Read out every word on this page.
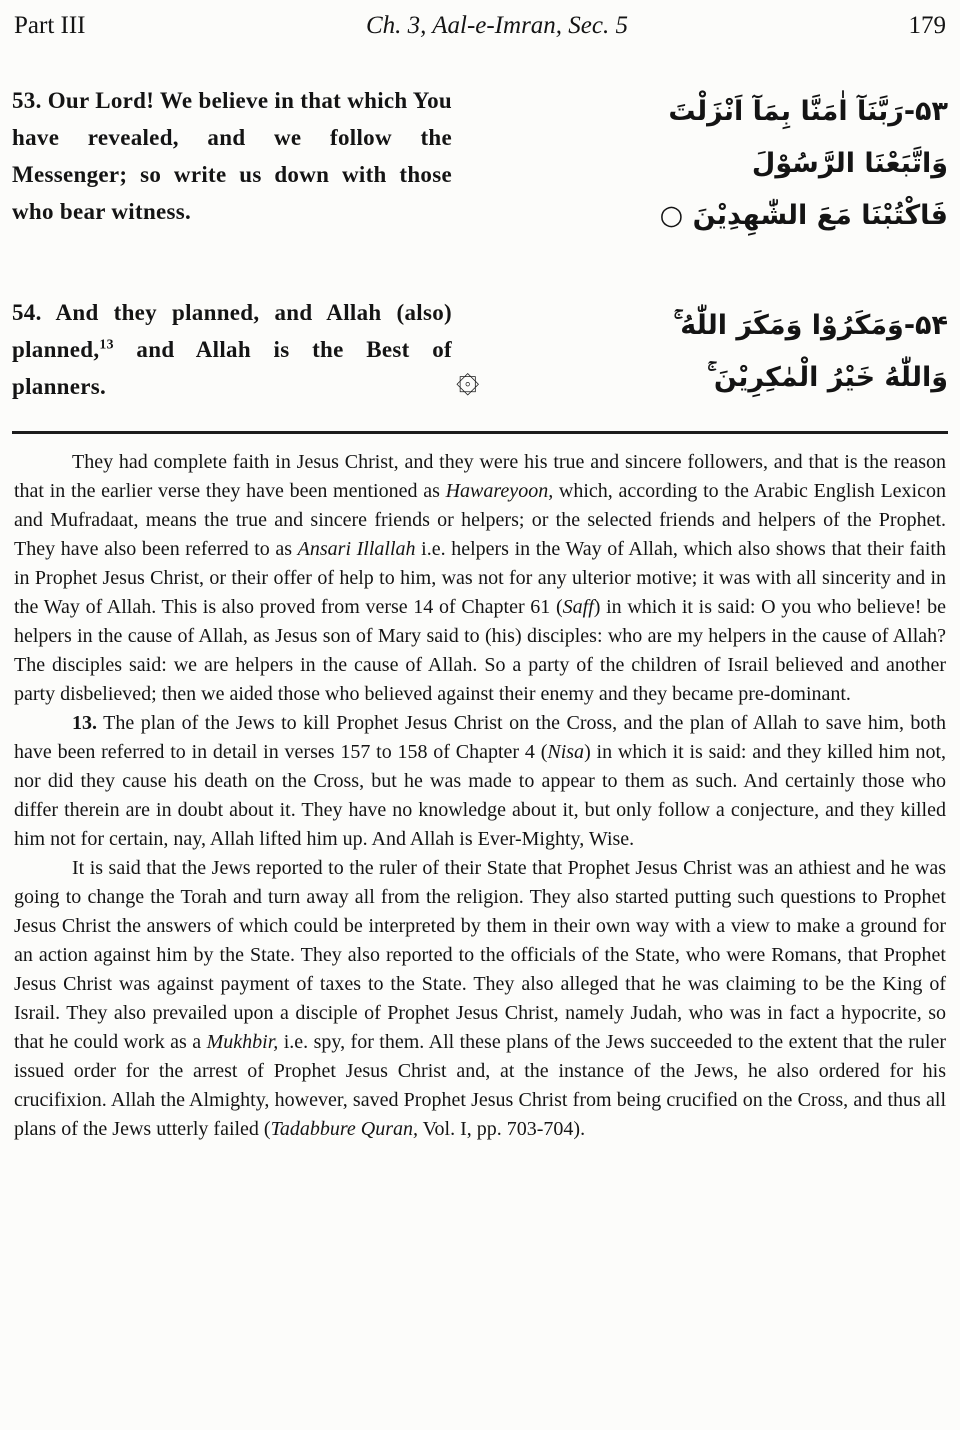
Part III	Ch. 3, Aal-e-Imran, Sec. 5	179
53. Our Lord! We believe in that which You have revealed, and we follow the Messenger; so write us down with those who bear witness.
۵۳-رَبَّنَآ اٰمَنَّا بِمَآ اَنْزَلْتَ
وَاتَّبَعْنَا الرَّسُوْلَ
فَاكْتُبْنَا مَعَ الشّٰهِدِيْنَ ○
54. And they planned, and Allah (also) planned,$^{13}$ and Allah is the Best of planners.
۵۴-وَمَكَرُوْا وَمَكَرَ اللّٰهُ ۚ
وَاللّٰهُ خَيْرُ الْمٰكِرِيْنَ ۚ
۞

They had complete faith in Jesus Christ, and they were his true and sincere followers, and that is the reason that in the earlier verse they have been mentioned as Hawareyoon, which, according to the Arabic English Lexicon and Mufradaat, means the true and sincere friends or helpers; or the selected friends and helpers of the Prophet. They have also been referred to as Ansari Illallah i.e. helpers in the Way of Allah, which also shows that their faith in Prophet Jesus Christ, or their offer of help to him, was not for any ulterior motive; it was with all sincerity and in the Way of Allah. This is also proved from verse 14 of Chapter 61 (Saff) in which it is said: O you who believe! be helpers in the cause of Allah, as Jesus son of Mary said to (his) disciples: who are my helpers in the cause of Allah? The disciples said: we are helpers in the cause of Allah. So a party of the children of Israil believed and another party disbelieved; then we aided those who believed against their enemy and they became pre-dominant.

13. The plan of the Jews to kill Prophet Jesus Christ on the Cross, and the plan of Allah to save him, both have been referred to in detail in verses 157 to 158 of Chapter 4 (Nisa) in which it is said: and they killed him not, nor did they cause his death on the Cross, but he was made to appear to them as such. And certainly those who differ therein are in doubt about it. They have no knowledge about it, but only follow a conjecture, and they killed him not for certain, nay, Allah lifted him up. And Allah is Ever-Mighty, Wise.

It is said that the Jews reported to the ruler of their State that Prophet Jesus Christ was an athiest and he was going to change the Torah and turn away all from the religion. They also started putting such questions to Prophet Jesus Christ the answers of which could be interpreted by them in their own way with a view to make a ground for an action against him by the State. They also reported to the officials of the State, who were Romans, that Prophet Jesus Christ was against payment of taxes to the State. They also alleged that he was claiming to be the King of Israil. They also prevailed upon a disciple of Prophet Jesus Christ, namely Judah, who was in fact a hypocrite, so that he could work as a Mukhbir, i.e. spy, for them. All these plans of the Jews succeeded to the extent that the ruler issued order for the arrest of Prophet Jesus Christ and, at the instance of the Jews, he also ordered for his crucifixion. Allah the Almighty, however, saved Prophet Jesus Christ from being crucified on the Cross, and thus all plans of the Jews utterly failed (Tadabbure Quran, Vol. I, pp. 703-704).
